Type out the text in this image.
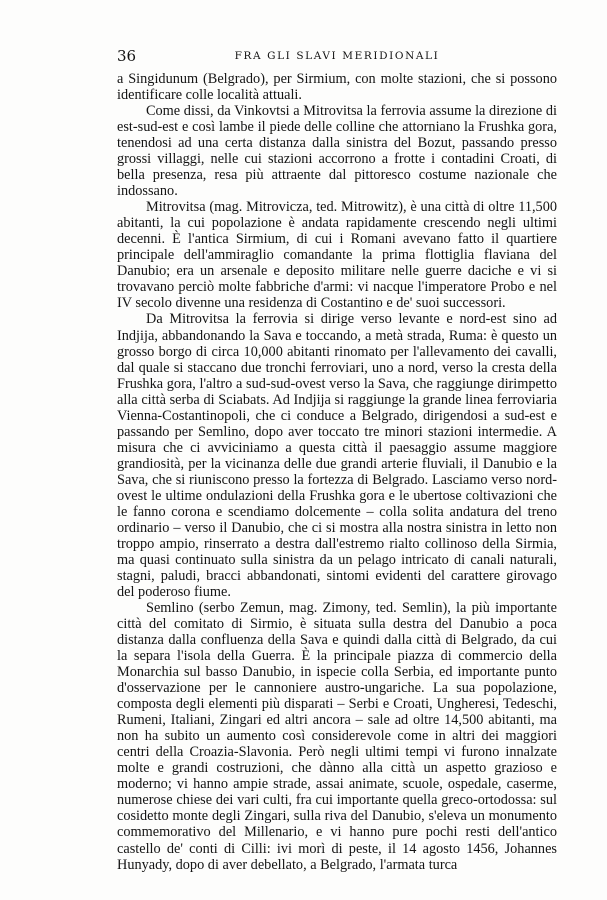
36	FRA GLI SLAVI MERIDIONALI

a Singidunum (Belgrado), per Sirmium, con molte stazioni, che si possono identificare colle località attuali.

Come dissi, da Vinkovtsi a Mitrovitsa la ferrovia assume la direzione di est-sud-est e così lambe il piede delle colline che attorniano la Frushka gora, tenendosi ad una certa distanza dalla sinistra del Bozut, passando presso grossi villaggi, nelle cui stazioni accorrono a frotte i contadini Croati, di bella presenza, resa più attraente dal pittoresco costume nazionale che indossano.

Mitrovitsa (mag. Mitrovicza, ted. Mitrowitz), è una città di oltre 11,500 abitanti, la cui popolazione è andata rapidamente crescendo negli ultimi decenni. È l'antica Sirmium, di cui i Romani avevano fatto il quartiere principale dell'ammiraglio comandante la prima flottiglia flaviana del Danubio; era un arsenale e deposito militare nelle guerre daciche e vi si trovavano perciò molte fabbriche d'armi: vi nacque l'imperatore Probo e nel IV secolo divenne una residenza di Costantino e de' suoi successori.

Da Mitrovitsa la ferrovia si dirige verso levante e nord-est sino ad Indjija, abbandonando la Sava e toccando, a metà strada, Ruma: è questo un grosso borgo di circa 10,000 abitanti rinomato per l'allevamento dei cavalli, dal quale si staccano due tronchi ferroviari, uno a nord, verso la cresta della Frushka gora, l'altro a sud-sud-ovest verso la Sava, che raggiunge dirimpetto alla città serba di Sciabats. Ad Indjija si raggiunge la grande linea ferroviaria Vienna-Costantinopoli, che ci conduce a Belgrado, dirigendosi a sud-est e passando per Semlino, dopo aver toccato tre minori stazioni intermedie. A misura che ci avviciniamo a questa città il paesaggio assume maggiore grandiosità, per la vicinanza delle due grandi arterie fluviali, il Danubio e la Sava, che si riuniscono presso la fortezza di Belgrado. Lasciamo verso nord-ovest le ultime ondulazioni della Frushka gora e le ubertose coltivazioni che le fanno corona e scendiamo dolcemente – colla solita andatura del treno ordinario – verso il Danubio, che ci si mostra alla nostra sinistra in letto non troppo ampio, rinserrato a destra dall'estremo rialto collinoso della Sirmia, ma quasi continuato sulla sinistra da un pelago intricato di canali naturali, stagni, paludi, bracci abbandonati, sintomi evidenti del carattere girovago del poderoso fiume.

Semlino (serbo Zemun, mag. Zimony, ted. Semlin), la più importante città del comitato di Sirmio, è situata sulla destra del Danubio a poca distanza dalla confluenza della Sava e quindi dalla città di Belgrado, da cui la separa l'isola della Guerra. È la principale piazza di commercio della Monarchia sul basso Danubio, in ispecie colla Serbia, ed importante punto d'osservazione per le cannoniere austro-ungariche. La sua popolazione, composta degli elementi più disparati – Serbi e Croati, Ungheresi, Tedeschi, Rumeni, Italiani, Zingari ed altri ancora – sale ad oltre 14,500 abitanti, ma non ha subito un aumento così considerevole come in altri dei maggiori centri della Croazia-Slavonia. Però negli ultimi tempi vi furono innalzate molte e grandi costruzioni, che dànno alla città un aspetto grazioso e moderno; vi hanno ampie strade, assai animate, scuole, ospedale, caserme, numerose chiese dei vari culti, fra cui importante quella greco-ortodossa: sul cosidetto monte degli Zingari, sulla riva del Danubio, s'eleva un monumento commemorativo del Millenario, e vi hanno pure pochi resti dell'antico castello de' conti di Cilli: ivi morì di peste, il 14 agosto 1456, Johannes Hunyady, dopo di aver debellato, a Belgrado, l'armata turca
